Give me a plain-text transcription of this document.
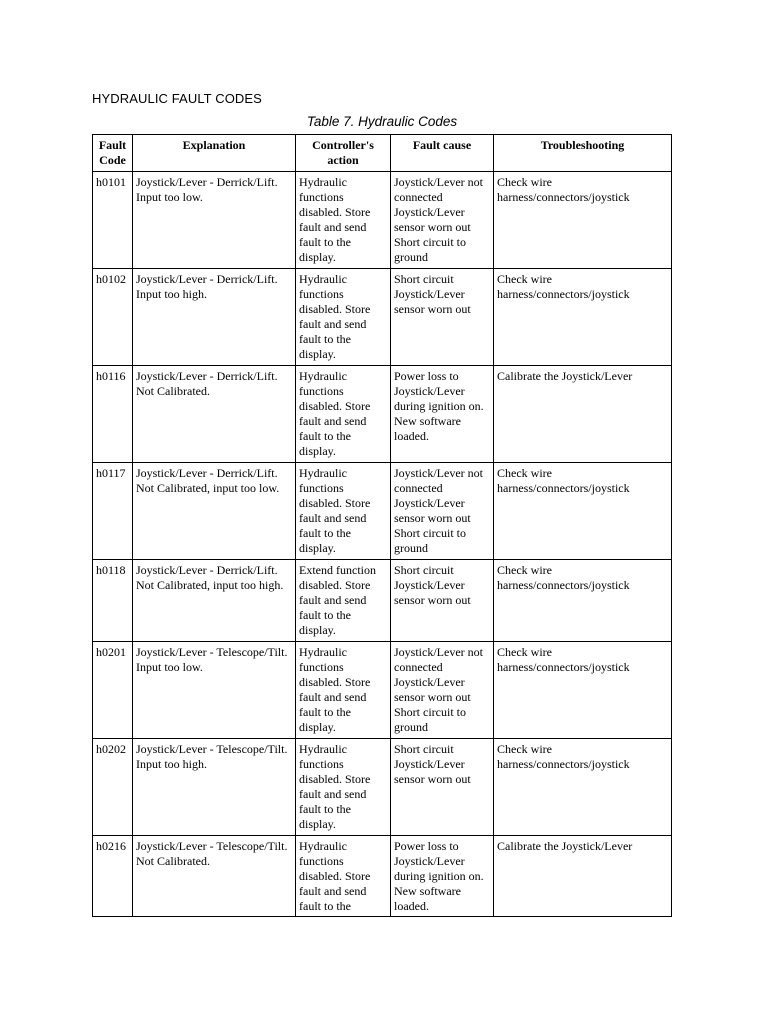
HYDRAULIC FAULT CODES
Table 7. Hydraulic Codes
Fault Code	Explanation	Controller's action	Fault cause	Troubleshooting
h0101	Joystick/Lever - Derrick/Lift. Input too low.	Hydraulic functions disabled. Store fault and send fault to the display.	Joystick/Lever not connected Joystick/Lever sensor worn out Short circuit to ground	Check wire harness/connectors/joystick
h0102	Joystick/Lever - Derrick/Lift. Input too high.	Hydraulic functions disabled. Store fault and send fault to the display.	Short circuit Joystick/Lever sensor worn out	Check wire harness/connectors/joystick
h0116	Joystick/Lever - Derrick/Lift. Not Calibrated.	Hydraulic functions disabled. Store fault and send fault to the display.	Power loss to Joystick/Lever during ignition on. New software loaded.	Calibrate the Joystick/Lever
h0117	Joystick/Lever - Derrick/Lift. Not Calibrated, input too low.	Hydraulic functions disabled. Store fault and send fault to the display.	Joystick/Lever not connected Joystick/Lever sensor worn out Short circuit to ground	Check wire harness/connectors/joystick
h0118	Joystick/Lever - Derrick/Lift. Not Calibrated, input too high.	Extend function disabled. Store fault and send fault to the display.	Short circuit Joystick/Lever sensor worn out	Check wire harness/connectors/joystick
h0201	Joystick/Lever - Telescope/Tilt. Input too low.	Hydraulic functions disabled. Store fault and send fault to the display.	Joystick/Lever not connected Joystick/Lever sensor worn out Short circuit to ground	Check wire harness/connectors/joystick
h0202	Joystick/Lever - Telescope/Tilt. Input too high.	Hydraulic functions disabled. Store fault and send fault to the display.	Short circuit Joystick/Lever sensor worn out	Check wire harness/connectors/joystick
h0216	Joystick/Lever - Telescope/Tilt. Not Calibrated.	Hydraulic functions disabled. Store fault and send fault to the	Power loss to Joystick/Lever during ignition on. New software loaded.	Calibrate the Joystick/Lever
